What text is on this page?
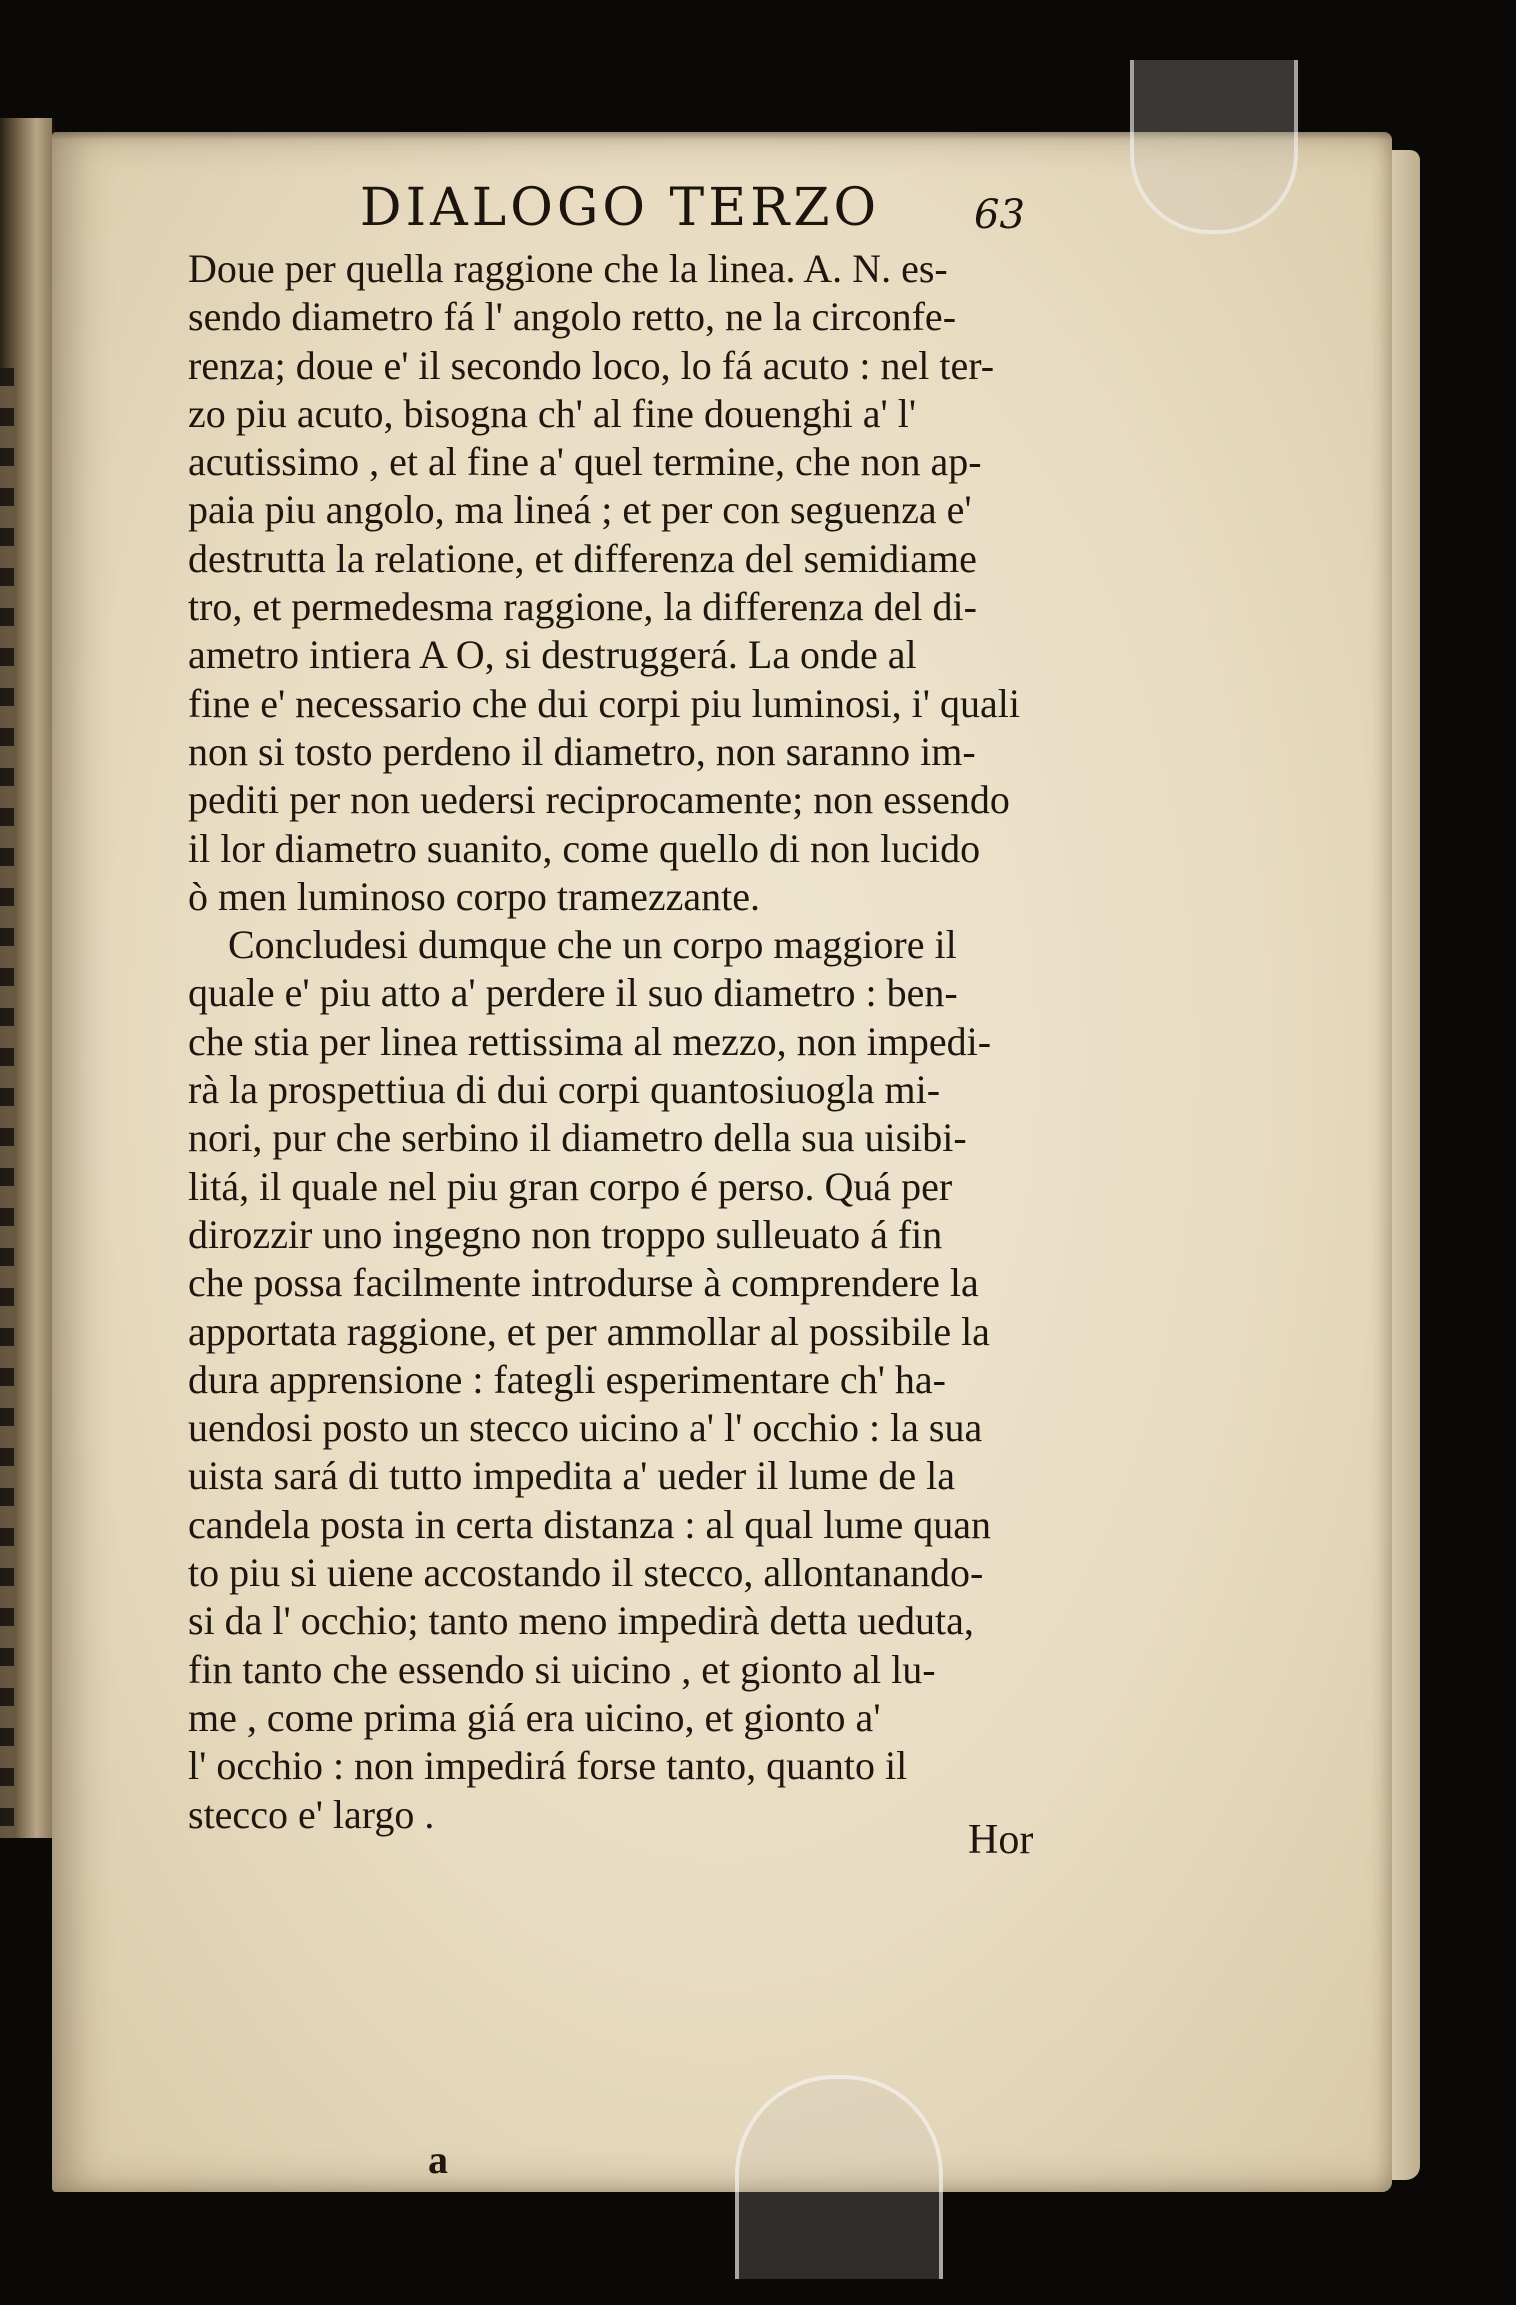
DIALOGO TERZO	63
Doue per quella raggione che la linea. A. N. es-
sendo diametro fá l' angolo retto, ne la circonfe-
renza; doue e' il secondo loco, lo fá acuto : nel ter-
zo piu acuto, bisogna ch' al fine douenghi a' l'
acutissimo , et al fine a' quel termine, che non ap-
paia piu angolo, ma lineá ; et per con seguenza e'
destrutta la relatione, et differenza del semidiame
tro, et permedesma raggione, la differenza del di-
ametro intiera A O, si destruggerá. La onde al
fine e' necessario che dui corpi piu luminosi, i' quali
non si tosto perdeno il diametro, non saranno im-
pediti per non uedersi reciprocamente; non essendo
il lor diametro suanito, come quello di non lucido
ò men luminoso corpo tramezzante.
Concludesi dumque che un corpo maggiore il
quale e' piu atto a' perdere il suo diametro : ben-
che stia per linea rettissima al mezzo, non impedi-
rà la prospettiua di dui corpi quantosiuogla mi-
nori, pur che serbino il diametro della sua uisibi-
litá, il quale nel piu gran corpo é perso. Quá per
dirozzir uno ingegno non troppo sulleuato á fin
che possa facilmente introdurse à comprendere la
apportata raggione, et per ammollar al possibile la
dura apprensione : fategli esperimentare ch' ha-
uendosi posto un stecco uicino a' l' occhio : la sua
uista sará di tutto impedita a' ueder il lume de la
candela posta in certa distanza : al qual lume quan
to piu si uiene accostando il stecco, allontanando-
si da l' occhio; tanto meno impedirà detta ueduta,
fin tanto che essendo si uicino , et gionto al lu-
me , come prima giá era uicino, et gionto a'
l' occhio : non impedirá forse tanto, quanto il
stecco e' largo .
Hor
a
